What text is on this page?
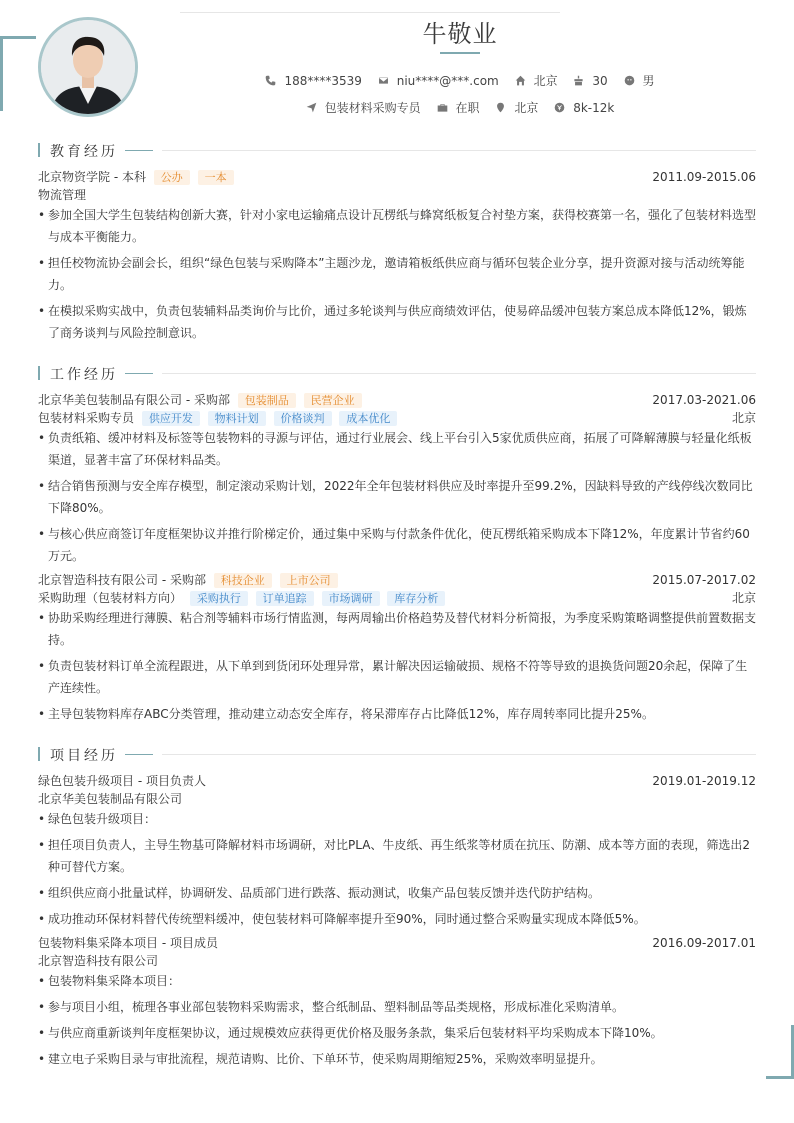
牛敬业
188****3539
	niu****@***.com
	北京
	30
	男
包装材料采购专员
	在职
	北京
	8k-12k
教育经历
北京物资学院 - 本科 公办 一本	2011.09-2015.06
物流管理
• 参加全国大学生包装结构创新大赛，针对小家电运输痛点设计瓦楞纸与蜂窝纸板复合衬垫方案，获得校赛第一名，强化了包装材料选型与成本平衡能力。
• 担任校物流协会副会长，组织“绿色包装与采购降本”主题沙龙，邀请箱板纸供应商与循环包装企业分享，提升资源对接与活动统筹能力。
• 在模拟采购实战中，负责包装辅料品类询价与比价，通过多轮谈判与供应商绩效评估，使易碎品缓冲包装方案总成本降低12%，锻炼了商务谈判与风险控制意识。
工作经历
北京华美包装制品有限公司 - 采购部 包装制品 民营企业	2017.03-2021.06
包装材料采购专员 供应开发 物料计划 价格谈判 成本优化	北京
• 负责纸箱、缓冲材料及标签等包装物料的寻源与评估，通过行业展会、线上平台引入5家优质供应商，拓展了可降解薄膜与轻量化纸板渠道，显著丰富了环保材料品类。
• 结合销售预测与安全库存模型，制定滚动采购计划，2022年全年包装材料供应及时率提升至99.2%，因缺料导致的产线停线次数同比下降80%。
• 与核心供应商签订年度框架协议并推行阶梯定价，通过集中采购与付款条件优化，使瓦楞纸箱采购成本下降12%，年度累计节省约60万元。
北京智造科技有限公司 - 采购部 科技企业 上市公司	2015.07-2017.02
采购助理（包装材料方向） 采购执行 订单追踪 市场调研 库存分析	北京
• 协助采购经理进行薄膜、粘合剂等辅料市场行情监测，每两周输出价格趋势及替代材料分析简报，为季度采购策略调整提供前置数据支持。
• 负责包装材料订单全流程跟进，从下单到到货闭环处理异常，累计解决因运输破损、规格不符等导致的退换货问题20余起，保障了生产连续性。
• 主导包装物料库存ABC分类管理，推动建立动态安全库存，将呆滞库存占比降低12%，库存周转率同比提升25%。
项目经历
绿色包装升级项目 - 项目负责人	2019.01-2019.12
北京华美包装制品有限公司
• 绿色包装升级项目：
• 担任项目负责人，主导生物基可降解材料市场调研，对比PLA、牛皮纸、再生纸浆等材质在抗压、防潮、成本等方面的表现，筛选出2种可替代方案。
• 组织供应商小批量试样，协调研发、品质部门进行跌落、振动测试，收集产品包装反馈并迭代防护结构。
• 成功推动环保材料替代传统塑料缓冲，使包装材料可降解率提升至90%，同时通过整合采购量实现成本降低5%。
包装物料集采降本项目 - 项目成员	2016.09-2017.01
北京智造科技有限公司
• 包装物料集采降本项目：
• 参与项目小组，梳理各事业部包装物料采购需求，整合纸制品、塑料制品等品类规格，形成标准化采购清单。
• 与供应商重新谈判年度框架协议，通过规模效应获得更优价格及服务条款，集采后包装材料平均采购成本下降10%。
• 建立电子采购目录与审批流程，规范请购、比价、下单环节，使采购周期缩短25%，采购效率明显提升。
